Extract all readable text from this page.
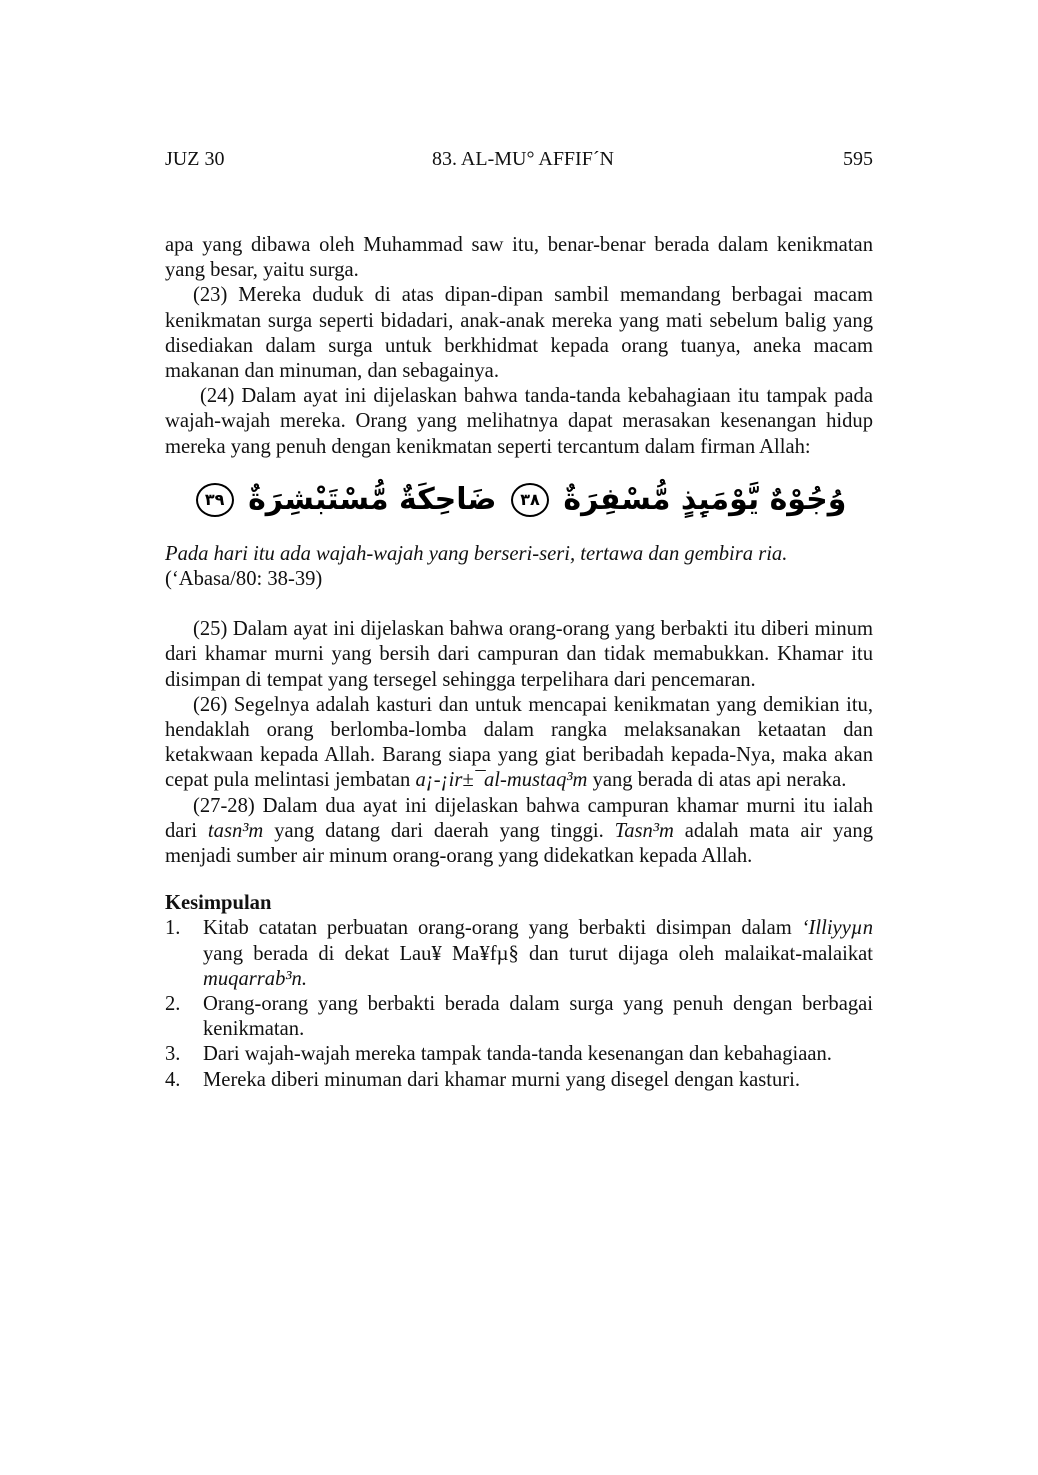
JUZ 30	83. AL-MU° AFFIF´N	595

apa yang dibawa oleh Muhammad saw itu, benar-benar berada dalam kenikmatan yang besar, yaitu surga.

(23) Mereka duduk di atas dipan-dipan sambil memandang berbagai macam kenikmatan surga seperti bidadari, anak-anak mereka yang mati sebelum balig yang disediakan dalam surga untuk berkhidmat kepada orang tuanya, aneka macam makanan dan minuman, dan sebagainya.

(24) Dalam ayat ini dijelaskan bahwa tanda-tanda kebahagiaan itu tampak pada wajah-wajah mereka. Orang yang melihatnya dapat merasakan kesenangan hidup mereka yang penuh dengan kenikmatan seperti tercantum dalam firman Allah:

وُجُوْهٌ يَّوْمَىِٕذٍ مُّسْفِرَةٌ ٣٨ ضَاحِكَةٌ مُّسْتَبْشِرَةٌ ٣٩

Pada hari itu ada wajah-wajah yang berseri-seri, tertawa dan gembira ria.

(‘Abasa/80: 38-39)

(25) Dalam ayat ini dijelaskan bahwa orang-orang yang berbakti itu diberi minum dari khamar murni yang bersih dari campuran dan tidak memabukkan. Khamar itu disimpan di tempat yang tersegel sehingga terpelihara dari pencemaran.

(26) Segelnya adalah kasturi dan untuk mencapai kenikmatan yang demikian itu, hendaklah orang berlomba-lomba dalam rangka melaksanakan ketaatan dan ketakwaan kepada Allah. Barang siapa yang giat beribadah kepada-Nya, maka akan cepat pula melintasi jembatan a¡-¡ir±¯al-mustaq³m yang berada di atas api neraka.

(27-28) Dalam dua ayat ini dijelaskan bahwa campuran khamar murni itu ialah dari tasn³m yang datang dari daerah yang tinggi. Tasn³m adalah mata air yang menjadi sumber air minum orang-orang yang didekatkan kepada Allah.

Kesimpulan
1. Kitab catatan perbuatan orang-orang yang berbakti disimpan dalam ‘Illiyyµn yang berada di dekat Lau¥ Ma¥fµ§ dan turut dijaga oleh malaikat-malaikat muqarrab³n.
2. Orang-orang yang berbakti berada dalam surga yang penuh dengan berbagai kenikmatan.
3. Dari wajah-wajah mereka tampak tanda-tanda kesenangan dan kebahagiaan.
4. Mereka diberi minuman dari khamar murni yang disegel dengan kasturi.
